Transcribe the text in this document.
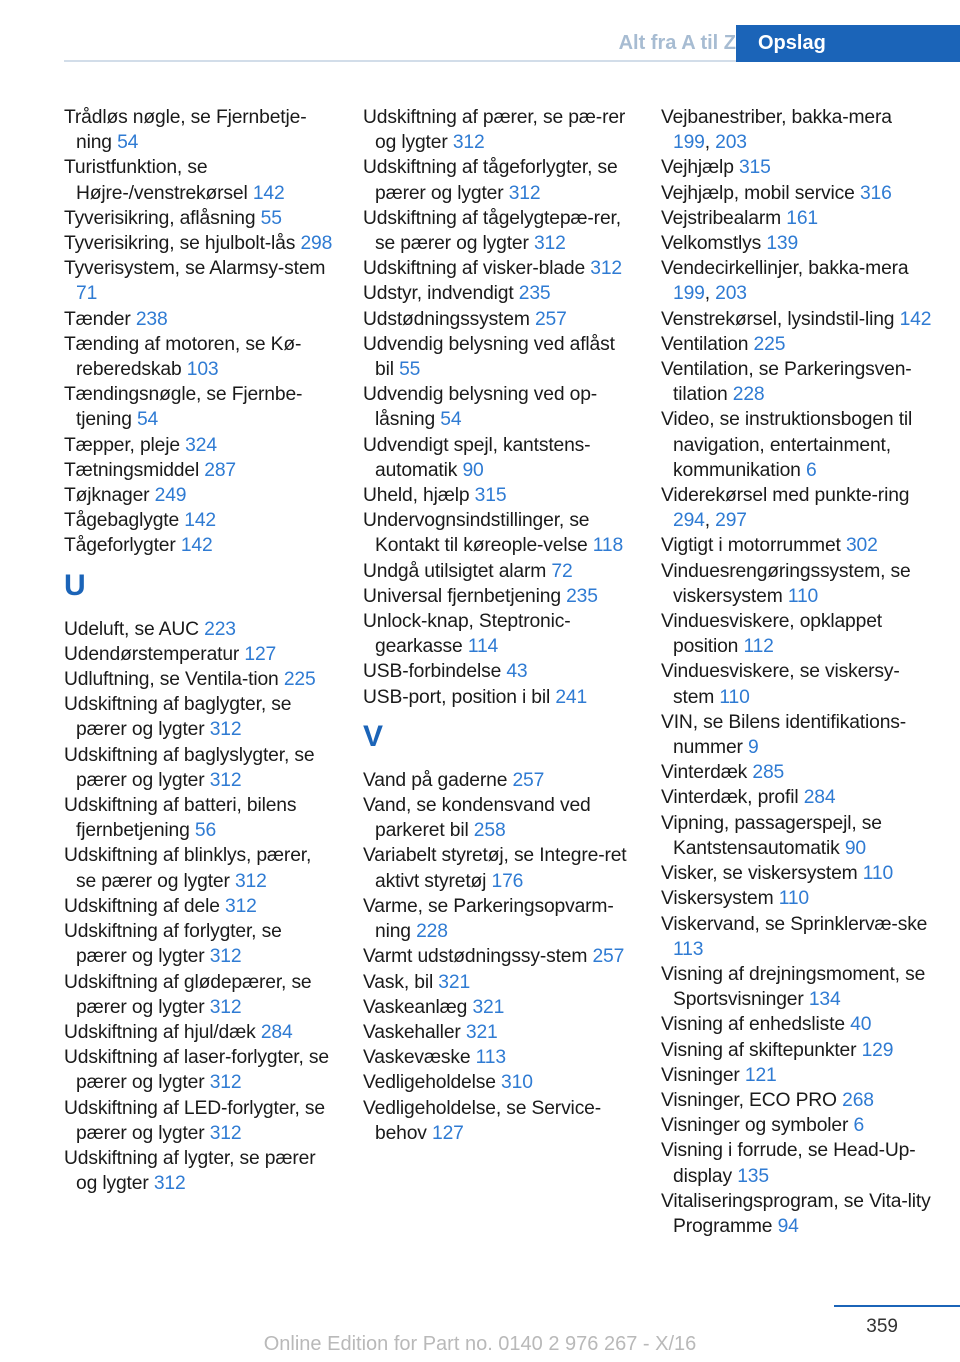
Alt fra A til Z	Opslag
Trådløs nøgle, se Fjernbetje‐ning 54
Turistfunktion, se Højre-/venstrekørsel 142
Tyverisikring, aflåsning 55
Tyverisikring, se hjulbolt‐lås 298
Tyverisystem, se Alarmsy‐stem 71
Tænder 238
Tænding af motoren, se Kø‐reberedskab 103
Tændingsnøgle, se Fjernbe‐tjening 54
Tæpper, pleje 324
Tætningsmiddel 287
Tøjknager 249
Tågebaglygte 142
Tågeforlygter 142
U
Udeluft, se AUC 223
Udendørstemperatur 127
Udluftning, se Ventila‐tion 225
Udskiftning af baglygter, se pærer og lygter 312
Udskiftning af baglyslygter, se pærer og lygter 312
Udskiftning af batteri, bilens fjernbetjening 56
Udskiftning af blinklys, pærer, se pærer og lygter 312
Udskiftning af dele 312
Udskiftning af forlygter, se pærer og lygter 312
Udskiftning af glødepærer, se pærer og lygter 312
Udskiftning af hjul/dæk 284
Udskiftning af laser-forlygter, se pærer og lygter 312
Udskiftning af LED-forlygter, se pærer og lygter 312
Udskiftning af lygter, se pærer og lygter 312
Udskiftning af pærer, se pæ‐rer og lygter 312
Udskiftning af tågeforlygter, se pærer og lygter 312
Udskiftning af tågelygtepæ‐rer, se pærer og lygter 312
Udskiftning af visker‐blade 312
Udstyr, indvendigt 235
Udstødningssystem 257
Udvendig belysning ved aflåst bil 55
Udvendig belysning ved op‐låsning 54
Udvendigt spejl, kantstens‐automatik 90
Uheld, hjælp 315
Undervognsindstillinger, se Kontakt til køreople‐velse 118
Undgå utilsigtet alarm 72
Universal fjernbetjening 235
Unlock-knap, Steptronic-gearkasse 114
USB-forbindelse 43
USB-port, position i bil 241
V
Vand på gaderne 257
Vand, se kondensvand ved parkeret bil 258
Variabelt styretøj, se Integre‐ret aktivt styretøj 176
Varme, se Parkeringsopvarm‐ning 228
Varmt udstødningssy‐stem 257
Vask, bil 321
Vaskeanlæg 321
Vaskehaller 321
Vaskevæske 113
Vedligeholdelse 310
Vedligeholdelse, se Service‐behov 127
Vejbanestriber, bakka‐mera 199, 203
Vejhjælp 315
Vejhjælp, mobil service 316
Vejstribealarm 161
Velkomstlys 139
Vendecirkellinjer, bakka‐mera 199, 203
Venstrekørsel, lysindstil‐ling 142
Ventilation 225
Ventilation, se Parkeringsven‐tilation 228
Video, se instruktionsbogen til navigation, entertainment, kommunikation 6
Viderekørsel med punkte‐ring 294, 297
Vigtigt i motorrummet 302
Vinduesrengøringssystem, se viskersystem 110
Vinduesviskere, opklappet position 112
Vinduesviskere, se viskersy‐stem 110
VIN, se Bilens identifikations‐nummer 9
Vinterdæk 285
Vinterdæk, profil 284
Vipning, passagerspejl, se Kantstensautomatik 90
Visker, se viskersystem 110
Viskersystem 110
Viskervand, se Sprinklervæ‐ske 113
Visning af drejningsmoment, se Sportsvisninger 134
Visning af enhedsliste 40
Visning af skiftepunkter 129
Visninger 121
Visninger, ECO PRO 268
Visninger og symboler 6
Visning i forrude, se Head-Up-display 135
Vitaliseringsprogram, se Vita‐lity Programme 94
359
Online Edition for Part no. 0140 2 976 267 - X/16
